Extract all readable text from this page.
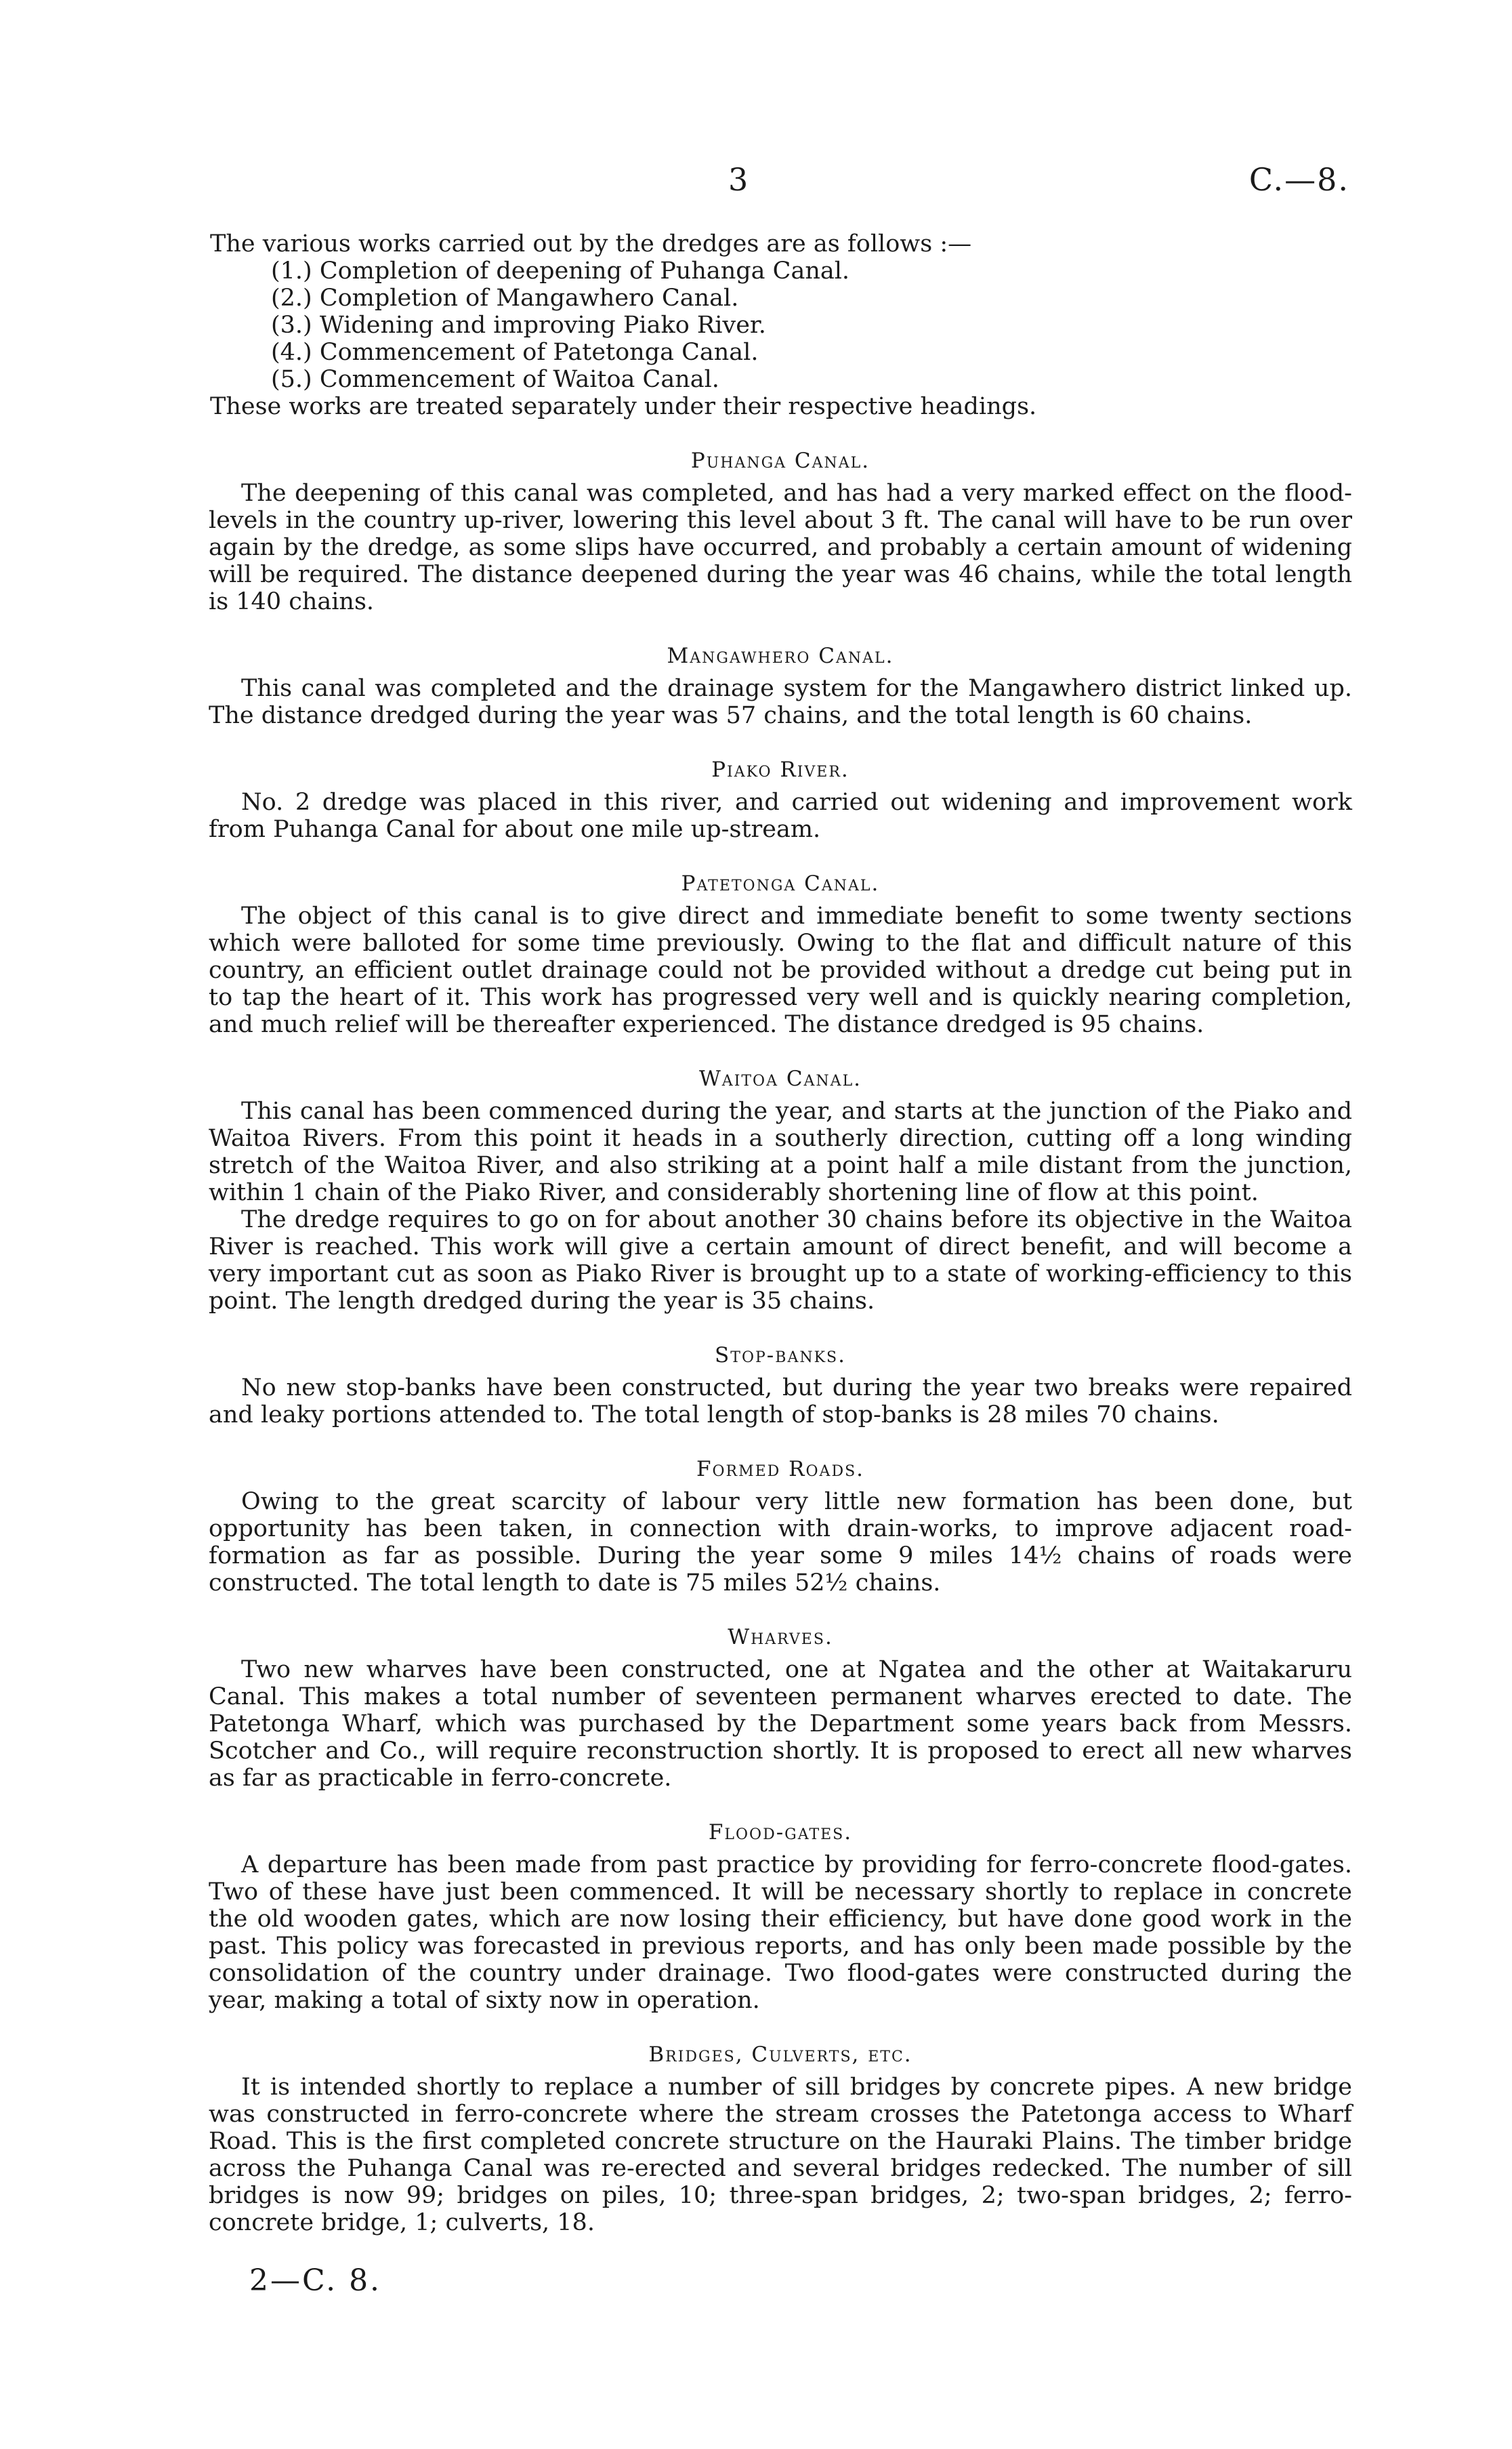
3	C.—8.

The various works carried out by the dredges are as follows :—

(1.) Completion of deepening of Puhanga Canal.
(2.) Completion of Mangawhero Canal.
(3.) Widening and improving Piako River.
(4.) Commencement of Patetonga Canal.
(5.) Commencement of Waitoa Canal.

These works are treated separately under their respective headings.

Puhanga Canal.

The deepening of this canal was completed, and has had a very marked effect on the flood-levels in the country up-river, lowering this level about 3 ft. The canal will have to be run over again by the dredge, as some slips have occurred, and probably a certain amount of widening will be required. The distance deepened during the year was 46 chains, while the total length is 140 chains.

Mangawhero Canal.

This canal was completed and the drainage system for the Mangawhero district linked up. The distance dredged during the year was 57 chains, and the total length is 60 chains.

Piako River.

No. 2 dredge was placed in this river, and carried out widening and improvement work from Puhanga Canal for about one mile up-stream.

Patetonga Canal.

The object of this canal is to give direct and immediate benefit to some twenty sections which were balloted for some time previously. Owing to the flat and difficult nature of this country, an efficient outlet drainage could not be provided without a dredge cut being put in to tap the heart of it. This work has progressed very well and is quickly nearing completion, and much relief will be thereafter experienced. The distance dredged is 95 chains.

Waitoa Canal.

This canal has been commenced during the year, and starts at the junction of the Piako and Waitoa Rivers. From this point it heads in a southerly direction, cutting off a long winding stretch of the Waitoa River, and also striking at a point half a mile distant from the junction, within 1 chain of the Piako River, and considerably shortening line of flow at this point.

The dredge requires to go on for about another 30 chains before its objective in the Waitoa River is reached. This work will give a certain amount of direct benefit, and will become a very important cut as soon as Piako River is brought up to a state of working-efficiency to this point. The length dredged during the year is 35 chains.

Stop-banks.

No new stop-banks have been constructed, but during the year two breaks were repaired and leaky portions attended to. The total length of stop-banks is 28 miles 70 chains.

Formed Roads.

Owing to the great scarcity of labour very little new formation has been done, but opportunity has been taken, in connection with drain-works, to improve adjacent road-formation as far as possible. During the year some 9 miles 14½ chains of roads were constructed. The total length to date is 75 miles 52½ chains.

Wharves.

Two new wharves have been constructed, one at Ngatea and the other at Waitakaruru Canal. This makes a total number of seventeen permanent wharves erected to date. The Patetonga Wharf, which was purchased by the Department some years back from Messrs. Scotcher and Co., will require reconstruction shortly. It is proposed to erect all new wharves as far as practicable in ferro-concrete.

Flood-gates.

A departure has been made from past practice by providing for ferro-concrete flood-gates. Two of these have just been commenced. It will be necessary shortly to replace in concrete the old wooden gates, which are now losing their efficiency, but have done good work in the past. This policy was forecasted in previous reports, and has only been made possible by the consolidation of the country under drainage. Two flood-gates were constructed during the year, making a total of sixty now in operation.

Bridges, Culverts, etc.

It is intended shortly to replace a number of sill bridges by concrete pipes. A new bridge was constructed in ferro-concrete where the stream crosses the Patetonga access to Wharf Road. This is the first completed concrete structure on the Hauraki Plains. The timber bridge across the Puhanga Canal was re-erected and several bridges redecked. The number of sill bridges is now 99; bridges on piles, 10; three-span bridges, 2; two-span bridges, 2; ferro-concrete bridge, 1; culverts, 18.

2—C. 8.
